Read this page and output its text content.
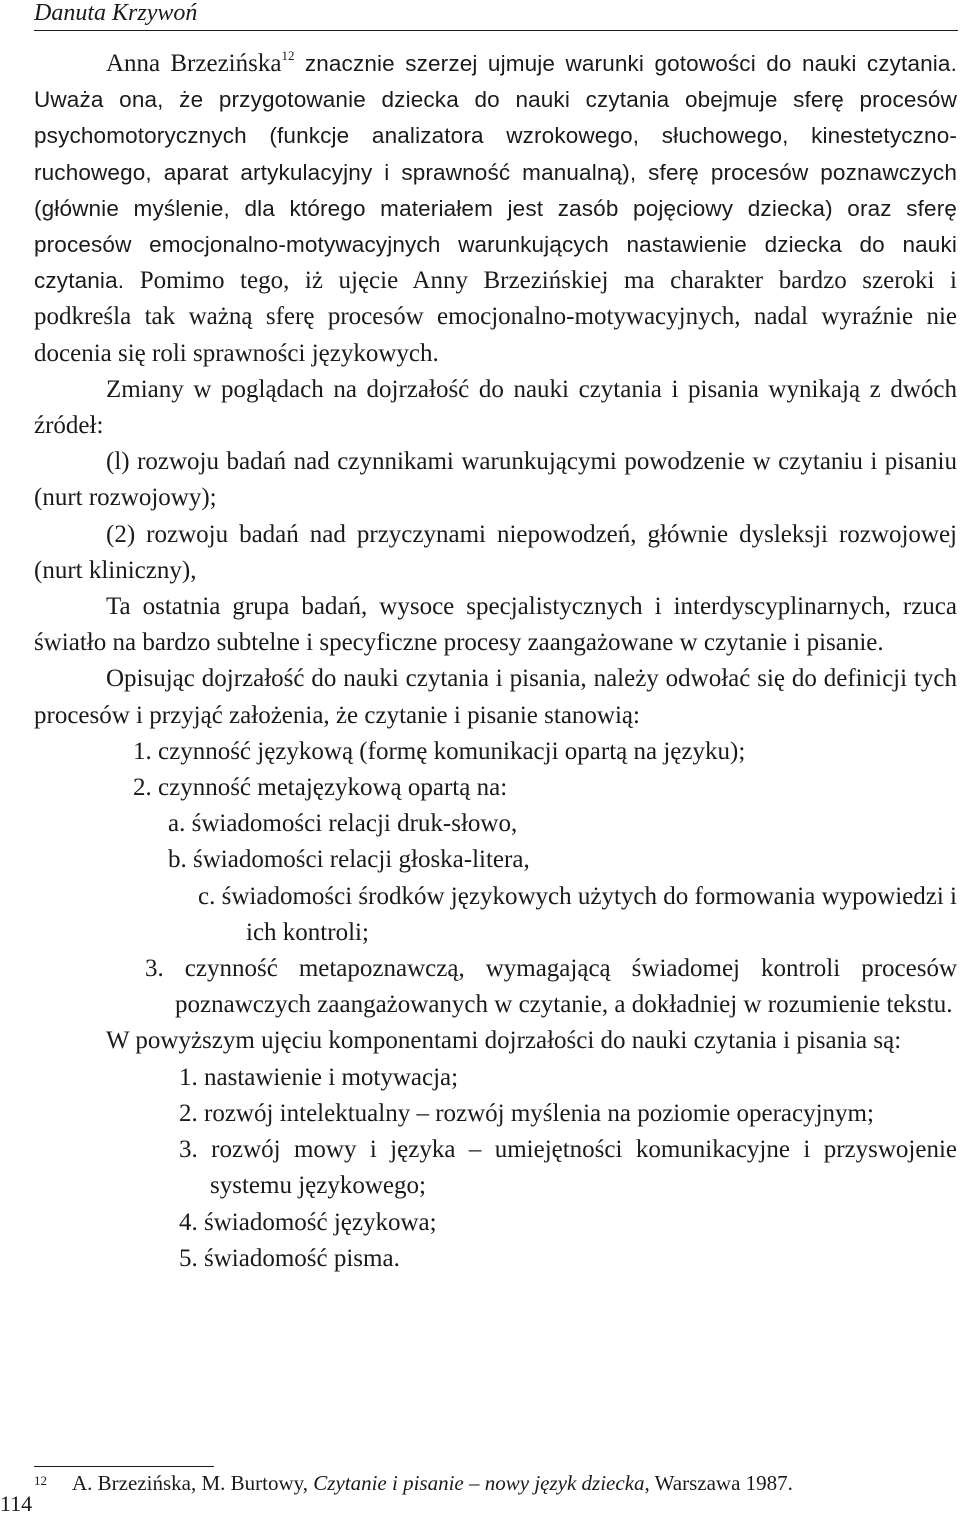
Danuta Krzywoń

Anna Brzezińska$^{12}$ znacznie szerzej ujmuje warunki gotowości do nauki czytania. Uważa ona, że przygotowanie dziecka do nauki czytania obejmuje sferę procesów psychomotorycznych (funkcje analizatora wzrokowego, słuchowego, kinestetyczno-ruchowego, aparat artykulacyjny i sprawność manualną), sferę procesów poznawczych (głównie myślenie, dla którego materiałem jest zasób pojęciowy dziecka) oraz sferę procesów emocjonalno-motywacyjnych warunkujących nastawienie dziecka do nauki czytania. Pomimo tego, iż ujęcie Anny Brzezińskiej ma charakter bardzo szeroki i podkreśla tak ważną sferę procesów emocjonalno-motywacyjnych, nadal wyraźnie nie docenia się roli sprawności językowych.

Zmiany w poglądach na dojrzałość do nauki czytania i pisania wynikają z dwóch źródeł:

(l) rozwoju badań nad czynnikami warunkującymi powodzenie w czytaniu i pisaniu (nurt rozwojowy);

(2) rozwoju badań nad przyczynami niepowodzeń, głównie dysleksji rozwojowej (nurt kliniczny),

Ta ostatnia grupa badań, wysoce specjalistycznych i interdyscyplinarnych, rzuca światło na bardzo subtelne i specyficzne procesy zaangażowane w czytanie i pisanie.

Opisując dojrzałość do nauki czytania i pisania, należy odwołać się do definicji tych procesów i przyjąć założenia, że czytanie i pisanie stanowią:

1. czynność językową (formę komunikacji opartą na języku);

2. czynność metajęzykową opartą na:

a. świadomości relacji druk-słowo,

b. świadomości relacji głoska-litera,

c. świadomości środków językowych użytych do formowania wypowiedzi i ich kontroli;

3. czynność metapoznawczą, wymagającą świadomej kontroli procesów poznawczych zaangażowanych w czytanie, a dokładniej w rozumienie tekstu.

W powyższym ujęciu komponentami dojrzałości do nauki czytania i pisania są:

1. nastawienie i motywacja;

2. rozwój intelektualny – rozwój myślenia na poziomie operacyjnym;

3. rozwój mowy i języka – umiejętności komunikacyjne i przyswojenie systemu językowego;

4. świadomość językowa;

5. świadomość pisma.

12 A. Brzezińska, M. Burtowy, Czytanie i pisanie – nowy język dziecka, Warszawa 1987.
114
